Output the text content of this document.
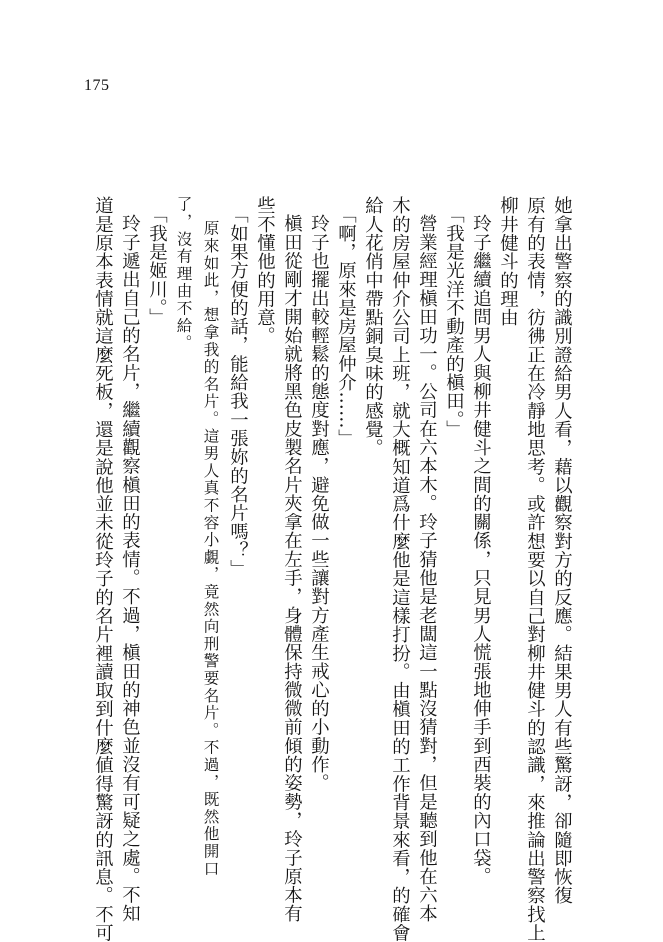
175
她拿出警察的識別證給男人看，藉以觀察對方的反應。結果男人有些驚訝，卻隨即恢復
原有的表情，彷彿正在冷靜地思考。或許想要以自己對柳井健斗的認識，來推論出警察找上
柳井健斗的理由
玲子繼續追問男人與柳井健斗之間的關係，只見男人慌張地伸手到西裝的內口袋。
「我是光洋不動產的槇田。」
營業經理槇田功一。公司在六本木。玲子猜他是老闆這一點沒猜對，但是聽到他在六本
木的房屋仲介公司上班，就大概知道爲什麼他是這樣打扮。由槇田的工作背景來看，的確會
給人花俏中帶點銅臭味的感覺。
「啊，原來是房屋仲介……」
玲子也擺出較輕鬆的態度對應，避免做一些讓對方產生戒心的小動作。
槇田從剛才開始就將黑色皮製名片夾拿在左手，身體保持微微前傾的姿勢，玲子原本有
些不懂他的用意。
「如果方便的話，能給我一張妳的名片嗎？」
原來如此，想拿我的名片。這男人真不容小覷，竟然向刑警要名片。不過，既然他開口
了，沒有理由不給。
「我是姬川。」
玲子遞出自己的名片，繼續觀察槇田的表情。不過，槇田的神色並沒有可疑之處。不知
道是原本表情就這麼死板，還是說他並未從玲子的名片裡讀取到什麼値得驚訝的訊息。不可
